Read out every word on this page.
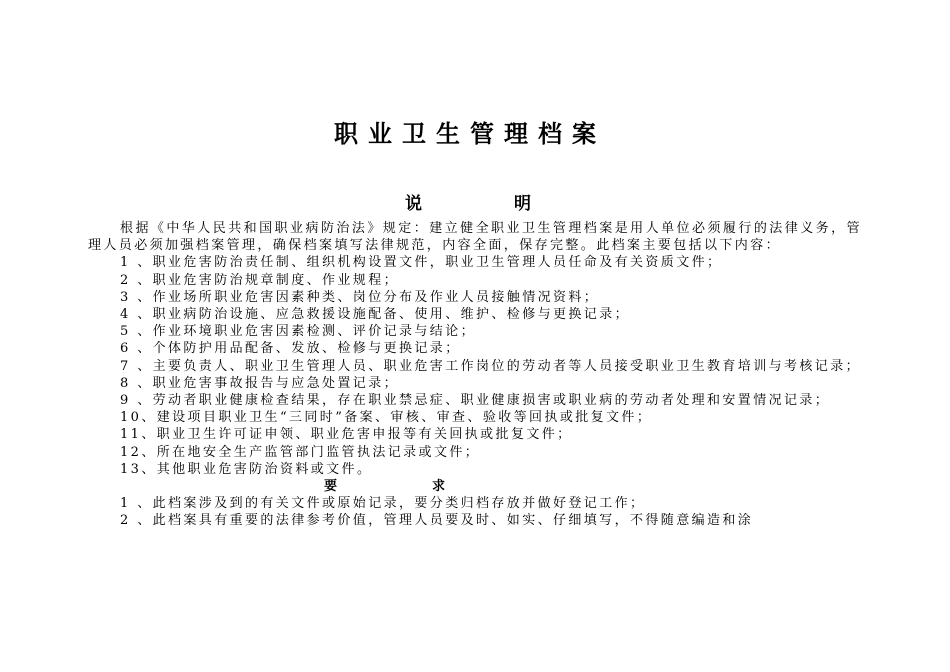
职业卫生管理档案
说	明

根据《中华人民共和国职业病防治法》规定：建立健全职业卫生管理档案是用人单位必须履行的法律义务，管理人员必须加强档案管理，确保档案填写法律规范，内容全面，保存完整。此档案主要包括以下内容：

1 、职业危害防治责任制、组织机构设置文件，职业卫生管理人员任命及有关资质文件；

2 、职业危害防治规章制度、作业规程；

3 、作业场所职业危害因素种类、岗位分布及作业人员接触情况资料；

4 、职业病防治设施、应急救援设施配备、使用、维护、检修与更换记录；

5 、作业环境职业危害因素检测、评价记录与结论；

6 、个体防护用品配备、发放、检修与更换记录；

7 、主要负责人、职业卫生管理人员、职业危害工作岗位的劳动者等人员接受职业卫生教育培训与考核记录；

8 、职业危害事故报告与应急处置记录；

9 、劳动者职业健康检查结果，存在职业禁忌症、职业健康损害或职业病的劳动者处理和安置情况记录；

10、建设项目职业卫生“三同时”备案、审核、审查、验收等回执或批复文件；

11、职业卫生许可证申领、职业危害申报等有关回执或批复文件；

12、所在地安全生产监管部门监管执法记录或文件；

13、其他职业危害防治资料或文件。

要	求

1 、此档案涉及到的有关文件或原始记录，要分类归档存放并做好登记工作；

2 、此档案具有重要的法律参考价值，管理人员要及时、如实、仔细填写，不得随意编造和涂
